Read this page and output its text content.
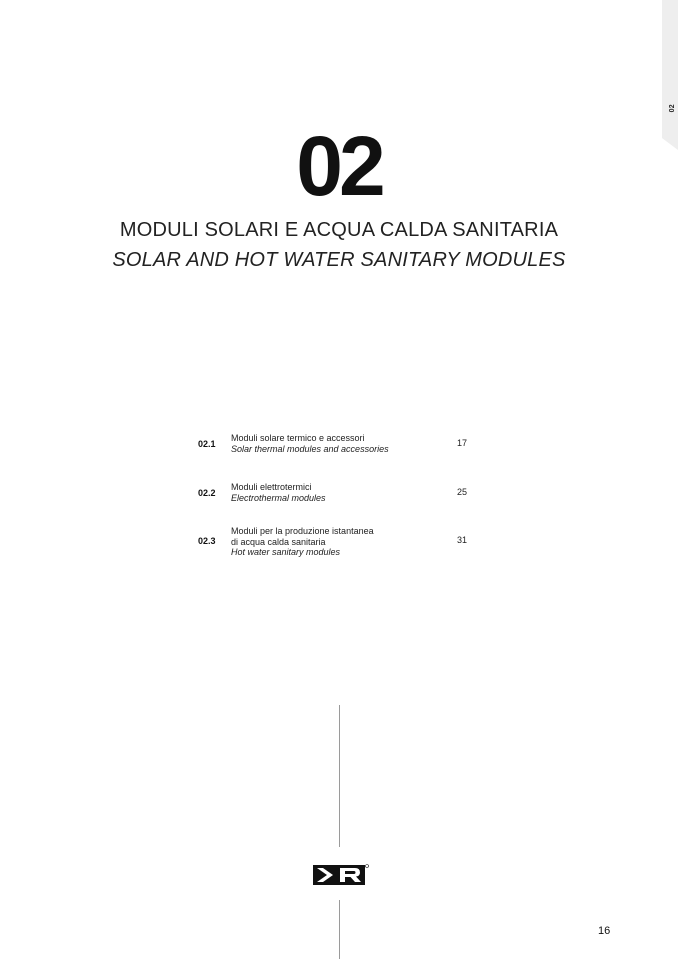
02
02
MODULI SOLARI E ACQUA CALDA SANITARIA
SOLAR AND HOT WATER SANITARY MODULES
02.1
Moduli solare termico e accessori
Solar thermal modules and accessories
17
02.2
Moduli elettrotermici
Electrothermal modules
25
02.3
Moduli per la produzione istantanea
di acqua calda sanitaria
Hot water sanitary modules
31
16
